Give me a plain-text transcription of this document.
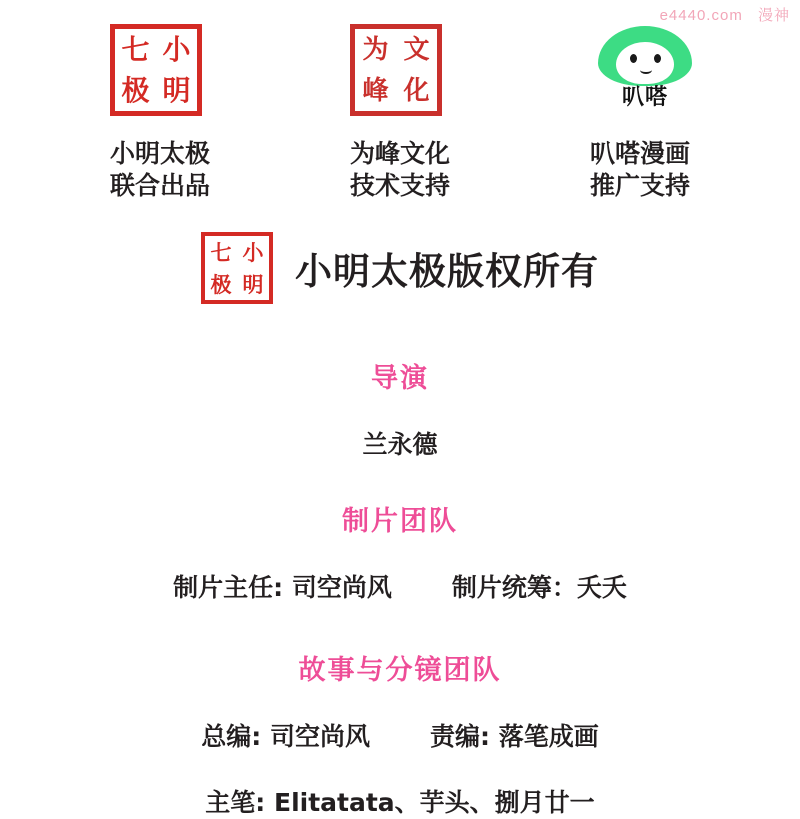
e4440.com 漫神
七 小
极 明
小明太极
联合出品
为 文
峰 化
为峰文化
技术支持
叭嗒
叭嗒漫画
推广支持
七 小
极 明 小明太极版权所有
导演
兰永德
制片团队
制片主任: 司空尚风 制片统筹：夭夭
故事与分镜团队
总编: 司空尚风 责编: 落笔成画
主笔: Elitatata、芋头、捌月廿一
